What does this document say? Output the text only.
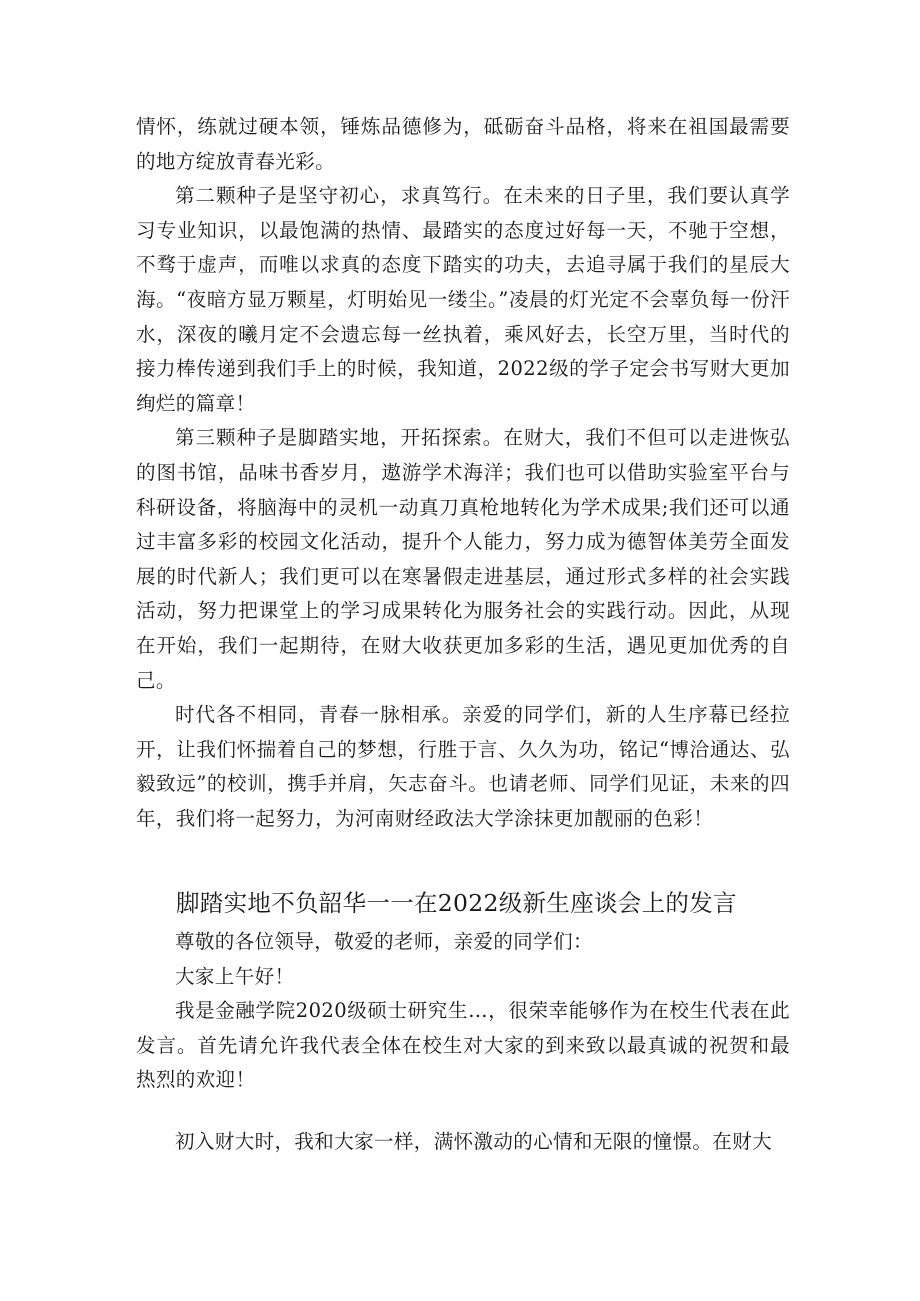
情怀，练就过硬本领，锤炼品德修为，砥砺奋斗品格，将来在祖国最需要的地方绽放青春光彩。

第二颗种子是坚守初心，求真笃行。在未来的日子里，我们要认真学习专业知识，以最饱满的热情、最踏实的态度过好每一天，不驰于空想，不骛于虚声，而唯以求真的态度下踏实的功夫，去追寻属于我们的星辰大海。“夜暗方显万颗星，灯明始见一缕尘。”凌晨的灯光定不会辜负每一份汗水，深夜的曦月定不会遗忘每一丝执着，乘风好去，长空万里，当时代的接力棒传递到我们手上的时候，我知道，2022级的学子定会书写财大更加绚烂的篇章！

第三颗种子是脚踏实地，开拓探索。在财大，我们不但可以走进恢弘的图书馆，品味书香岁月，遨游学术海洋；我们也可以借助实验室平台与科研设备，将脑海中的灵机一动真刀真枪地转化为学术成果;我们还可以通过丰富多彩的校园文化活动，提升个人能力，努力成为德智体美劳全面发展的时代新人；我们更可以在寒暑假走进基层，通过形式多样的社会实践活动，努力把课堂上的学习成果转化为服务社会的实践行动。因此，从现在开始，我们一起期待，在财大收获更加多彩的生活，遇见更加优秀的自己。

时代各不相同，青春一脉相承。亲爱的同学们，新的人生序幕已经拉开，让我们怀揣着自己的梦想，行胜于言、久久为功，铭记“博洽通达、弘毅致远”的校训，携手并肩，矢志奋斗。也请老师、同学们见证，未来的四年，我们将一起努力，为河南财经政法大学涂抹更加靓丽的色彩！

脚踏实地不负韶华一一在2022级新生座谈会上的发言

尊敬的各位领导，敬爱的老师，亲爱的同学们：

大家上午好！

我是金融学院2020级硕士研究生…，很荣幸能够作为在校生代表在此发言。首先请允许我代表全体在校生对大家的到来致以最真诚的祝贺和最热烈的欢迎！

初入财大时，我和大家一样，满怀激动的心情和无限的憧憬。在财大
